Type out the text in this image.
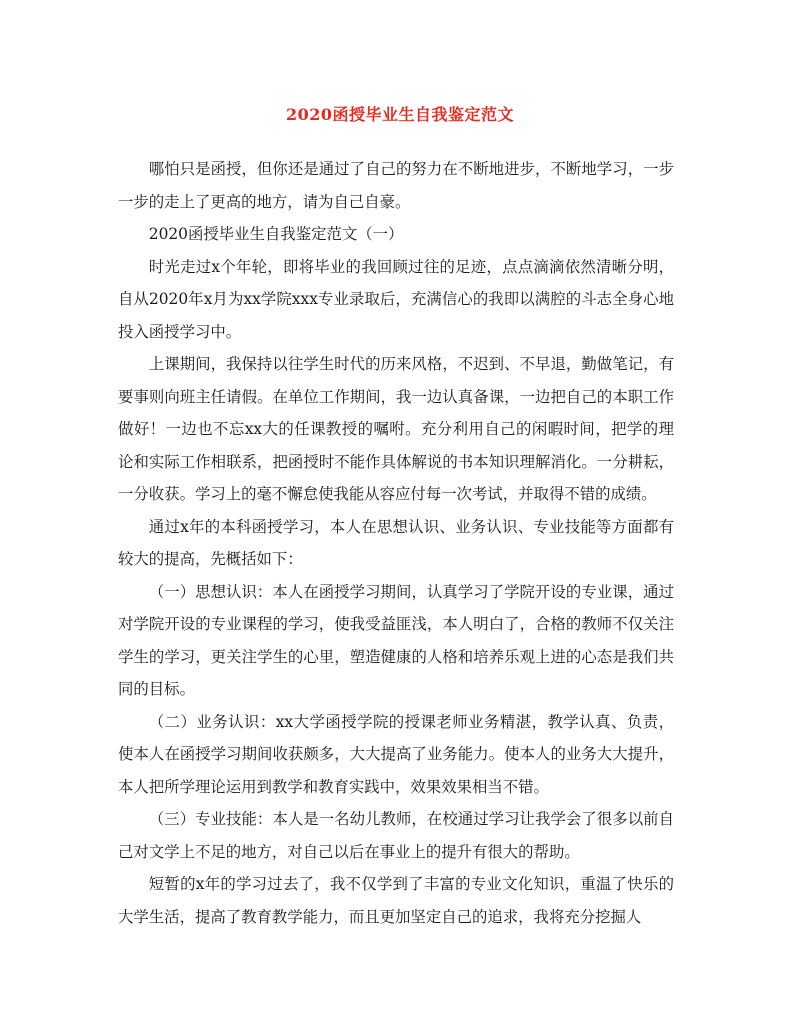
2020函授毕业生自我鉴定范文

哪怕只是函授，但你还是通过了自己的努力在不断地进步，不断地学习，一步一步的走上了更高的地方，请为自己自豪。

2020函授毕业生自我鉴定范文（一）

时光走过x个年轮，即将毕业的我回顾过往的足迹，点点滴滴依然清晰分明，自从2020年x月为xx学院xxx专业录取后，充满信心的我即以满腔的斗志全身心地投入函授学习中。

上课期间，我保持以往学生时代的历来风格，不迟到、不早退，勤做笔记，有要事则向班主任请假。在单位工作期间，我一边认真备课，一边把自己的本职工作做好！一边也不忘xx大的任课教授的嘱咐。充分利用自己的闲暇时间，把学的理论和实际工作相联系，把函授时不能作具体解说的书本知识理解消化。一分耕耘，一分收获。学习上的毫不懈怠使我能从容应付每一次考试，并取得不错的成绩。

通过x年的本科函授学习，本人在思想认识、业务认识、专业技能等方面都有较大的提高，先概括如下：

（一）思想认识：本人在函授学习期间，认真学习了学院开设的专业课，通过对学院开设的专业课程的学习，使我受益匪浅，本人明白了，合格的教师不仅关注学生的学习，更关注学生的心里，塑造健康的人格和培养乐观上进的心态是我们共同的目标。

（二）业务认识：xx大学函授学院的授课老师业务精湛，教学认真、负责，使本人在函授学习期间收获颇多，大大提高了业务能力。使本人的业务大大提升，本人把所学理论运用到教学和教育实践中，效果效果相当不错。

（三）专业技能：本人是一名幼儿教师，在校通过学习让我学会了很多以前自己对文学上不足的地方，对自己以后在事业上的提升有很大的帮助。

短暂的x年的学习过去了，我不仅学到了丰富的专业文化知识，重温了快乐的大学生活，提高了教育教学能力，而且更加坚定自己的追求，我将充分挖掘人
